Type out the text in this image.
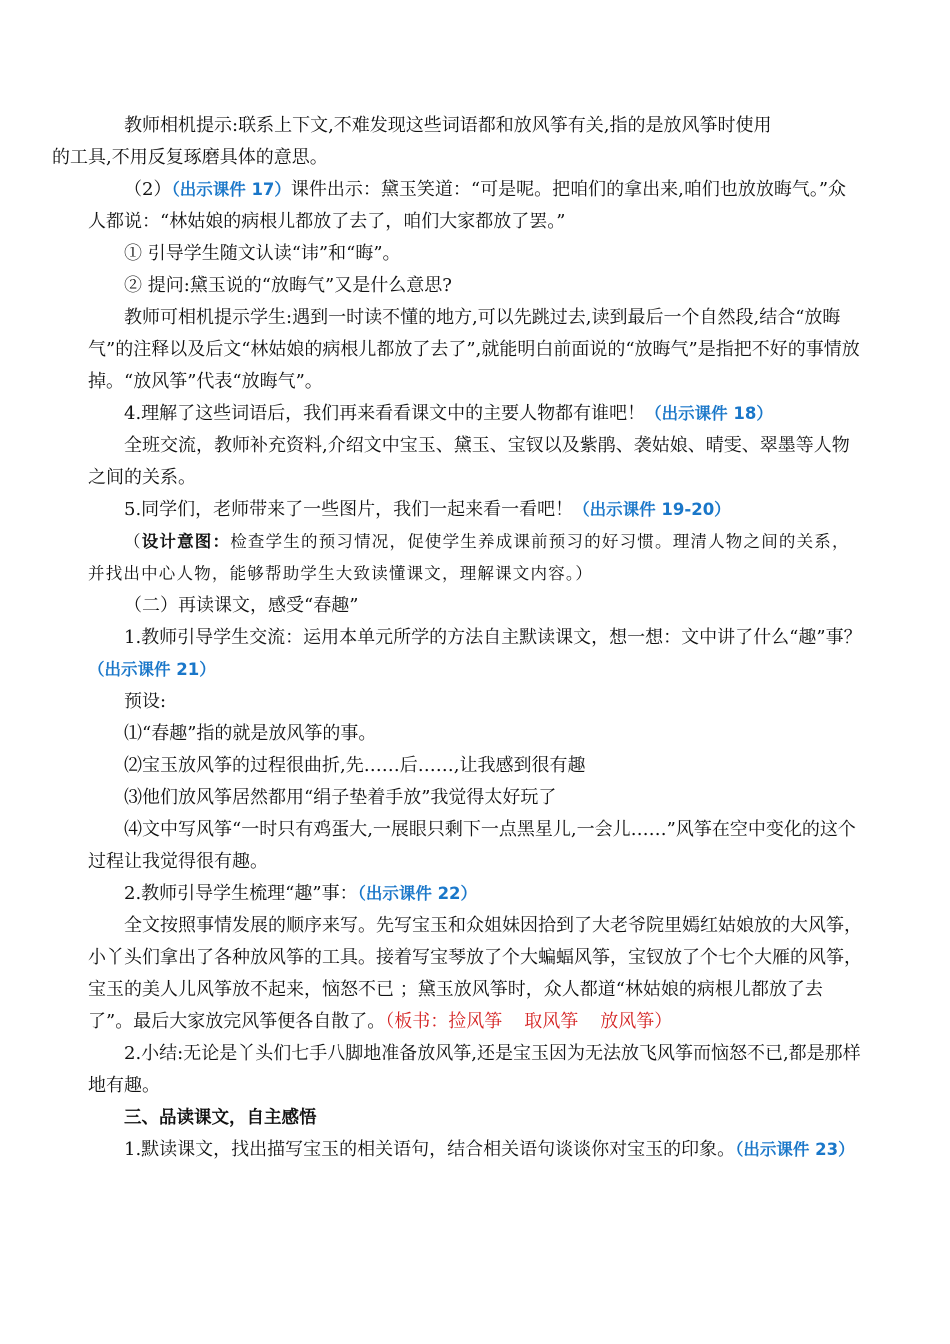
教师相机提示:联系上下文,不难发现这些词语都和放风筝有关,指的是放风筝时使用
的工具,不用反复琢磨具体的意思。

（2）（出示课件 17）课件出示：黛玉笑道：“可是呢。把咱们的拿出来,咱们也放放晦气。”众人都说：“林姑娘的病根儿都放了去了，咱们大家都放了罢。”

① 引导学生随文认读“讳”和“晦”。

② 提问:黛玉说的“放晦气”又是什么意思?

教师可相机提示学生:遇到一时读不懂的地方,可以先跳过去,读到最后一个自然段,结合“放晦气”的注释以及后文“林姑娘的病根儿都放了去了”,就能明白前面说的“放晦气”是指把不好的事情放掉。“放风筝”代表“放晦气”。

4.理解了这些词语后，我们再来看看课文中的主要人物都有谁吧！（出示课件 18）

全班交流，教师补充资料,介绍文中宝玉、黛玉、宝钗以及紫鹃、袭姑娘、晴雯、翠墨等人物之间的关系。

5.同学们，老师带来了一些图片，我们一起来看一看吧！（出示课件 19-20）

（设计意图：检查学生的预习情况，促使学生养成课前预习的好习惯。理清人物之间的关系，并找出中心人物，能够帮助学生大致读懂课文，理解课文内容。）

（二）再读课文，感受“春趣”

1.教师引导学生交流：运用本单元所学的方法自主默读课文，想一想：文中讲了什么“趣”事？（出示课件 21）

预设:

⑴“春趣”指的就是放风筝的事。

⑵宝玉放风筝的过程很曲折,先……后……,让我感到很有趣

⑶他们放风筝居然都用“绢子垫着手放”我觉得太好玩了

⑷文中写风筝“一时只有鸡蛋大,一展眼只剩下一点黑星儿,一会儿……”风筝在空中变化的这个过程让我觉得很有趣。

2.教师引导学生梳理“趣”事：（出示课件 22）

全文按照事情发展的顺序来写。先写宝玉和众姐妹因拾到了大老爷院里嫣红姑娘放的大风筝，小丫头们拿出了各种放风筝的工具。接着写宝琴放了个大蝙蝠风筝，宝钗放了个七个大雁的风筝，宝玉的美人儿风筝放不起来，恼怒不已 ；黛玉放风筝时，众人都道“林姑娘的病根儿都放了去了”。最后大家放完风筝便各自散了。（板书：捡风筝 取风筝 放风筝）

2.小结:无论是丫头们七手八脚地准备放风筝,还是宝玉因为无法放飞风筝而恼怒不已,都是那样地有趣。

三、品读课文，自主感悟

1.默读课文，找出描写宝玉的相关语句，结合相关语句谈谈你对宝玉的印象。（出示课件 23）
